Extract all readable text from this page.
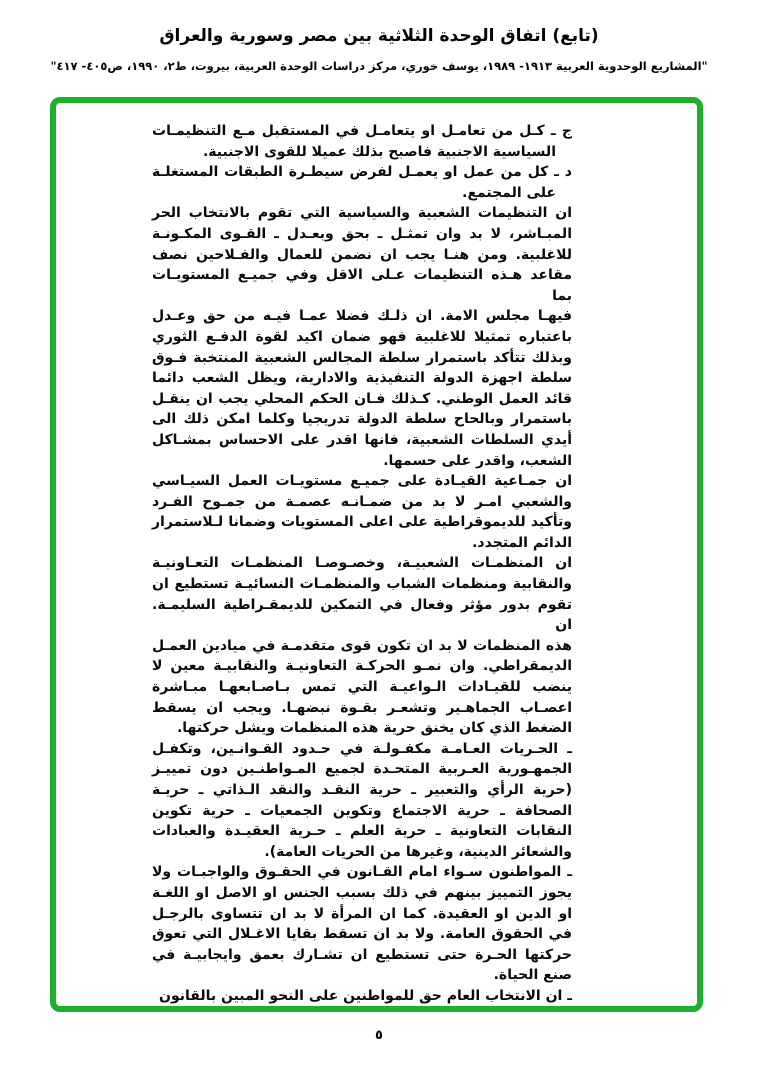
(تابع) اتفاق الوحدة الثلاثية بين مصر وسورية والعراق
"المشاريع الوحدوية العربية ١٩١٣- ١٩٨٩، يوسف خوري، مركز دراسات الوحدة العربية، بيروت، ط٢، ١٩٩٠، ص٤٠٥- ٤١٧"
ج ـ كـل من تعامـل او يتعامـل في المستقبل مـع التنظيمـات
السياسية الاجنبية فاصبح بذلك عميلا للقوى الاجنبية.
د ـ كل من عمل او يعمـل لفرض سيطـرة الطبقات المستغلـة
على المجتمع.
ان التنظيمات الشعبية والسياسية التي تقوم بالانتخاب الحر
المبـاشر، لا بد وان تمثـل ـ بحق وبعـدل ـ القـوى المكـونـة
للاغلبية. ومن هنـا يجب ان نضمن للعمال والفـلاحين نصف
مقاعد هـذه التنظيمات عـلى الاقل وفي جميـع المستويـات بما
فيهـا مجلس الامة. ان ذلـك فضلا عمـا فيـه من حق وعـدل
باعتباره تمثيلا للاغلبية فهو ضمان اكيد لقوة الدفـع الثوري
وبذلك تتأكد باستمرار سلطة المجالس الشعبية المنتخبة فـوق
سلطة اجهزة الدولة التنفيذية والادارية، ويظل الشعب دائما
قائد العمل الوطني. كـذلك فـان الحكم المحلي يجب ان ينقـل
باستمرار وبالحاح سلطة الدولة تدريجيا وكلما امكن ذلك الى
أيدي السلطات الشعبية، فانها اقدر على الاحساس بمشـاكل
الشعب، واقدر على حسمها.
ان جمـاعية القيـادة على جميـع مستويـات العمل السيـاسي
والشعبي امـر لا بد من ضمـانـه عصمـة من جمـوح الفـرد
وتأكيد للديموقراطية على اعلى المستويات وضمانا لـلاستمرار
الدائم المتجدد.
ان المنظمـات الشعبيـة، وخصـوصـا المنظمـات التعـاونيـة
والنقابية ومنظمات الشباب والمنظمـات النسائيـة تستطيع ان
تقوم بدور مؤثر وفعال في التمكين للديمقـراطية السليمـة. ان
هذه المنظمات لا بد ان تكون قوى متقدمـة في ميادين العمـل
الديمقراطي. وان نمـو الحركـة التعاونيـة والنقابيـة معين لا
ينضب للقيـادات الـواعيـة التي تمس بـاصـابعهـا مبـاشرة
اعصـاب الجماهـير وتشعـر بقـوة نبضهـا. ويجب ان يسقط
الضغط الذي كان يخنق حرية هذه المنظمات ويشل حركتها.
ـ الحـريات العـامـة مكفـولـة في حـدود القـوانـين، وتكفـل
الجمهـورية العـربية المتحـدة لجميع المـواطنـين دون تمييـز
(حرية الرأي والتعبير ـ حرية النقـد والنقد الـذاتي ـ حريـة
الصحافة ـ حرية الاجتماع وتكوين الجمعيات ـ حرية تكوين
النقابات التعاونية ـ حرية العلم ـ حـرية العقيـدة والعبادات
والشعائر الدينية، وغيرها من الحريات العامة).
ـ المواطنون سـواء امام القـانون في الحقـوق والواجبـات ولا
يجوز التمييز بينهم في ذلك بسبب الجنس او الاصل او اللغـة
او الدين او العقيدة. كما ان المرأة لا بد ان تتساوى بالرجـل
في الحقوق العامة. ولا بد ان تسقط بقايا الاغـلال التي تعوق
حركتها الحـرة حتى تستطيع ان تشـارك بعمق وايجابيـة في
صنع الحياة.
ـ ان الانتخاب العام حق للمواطنين على النحو المبين بالقانون
٥
